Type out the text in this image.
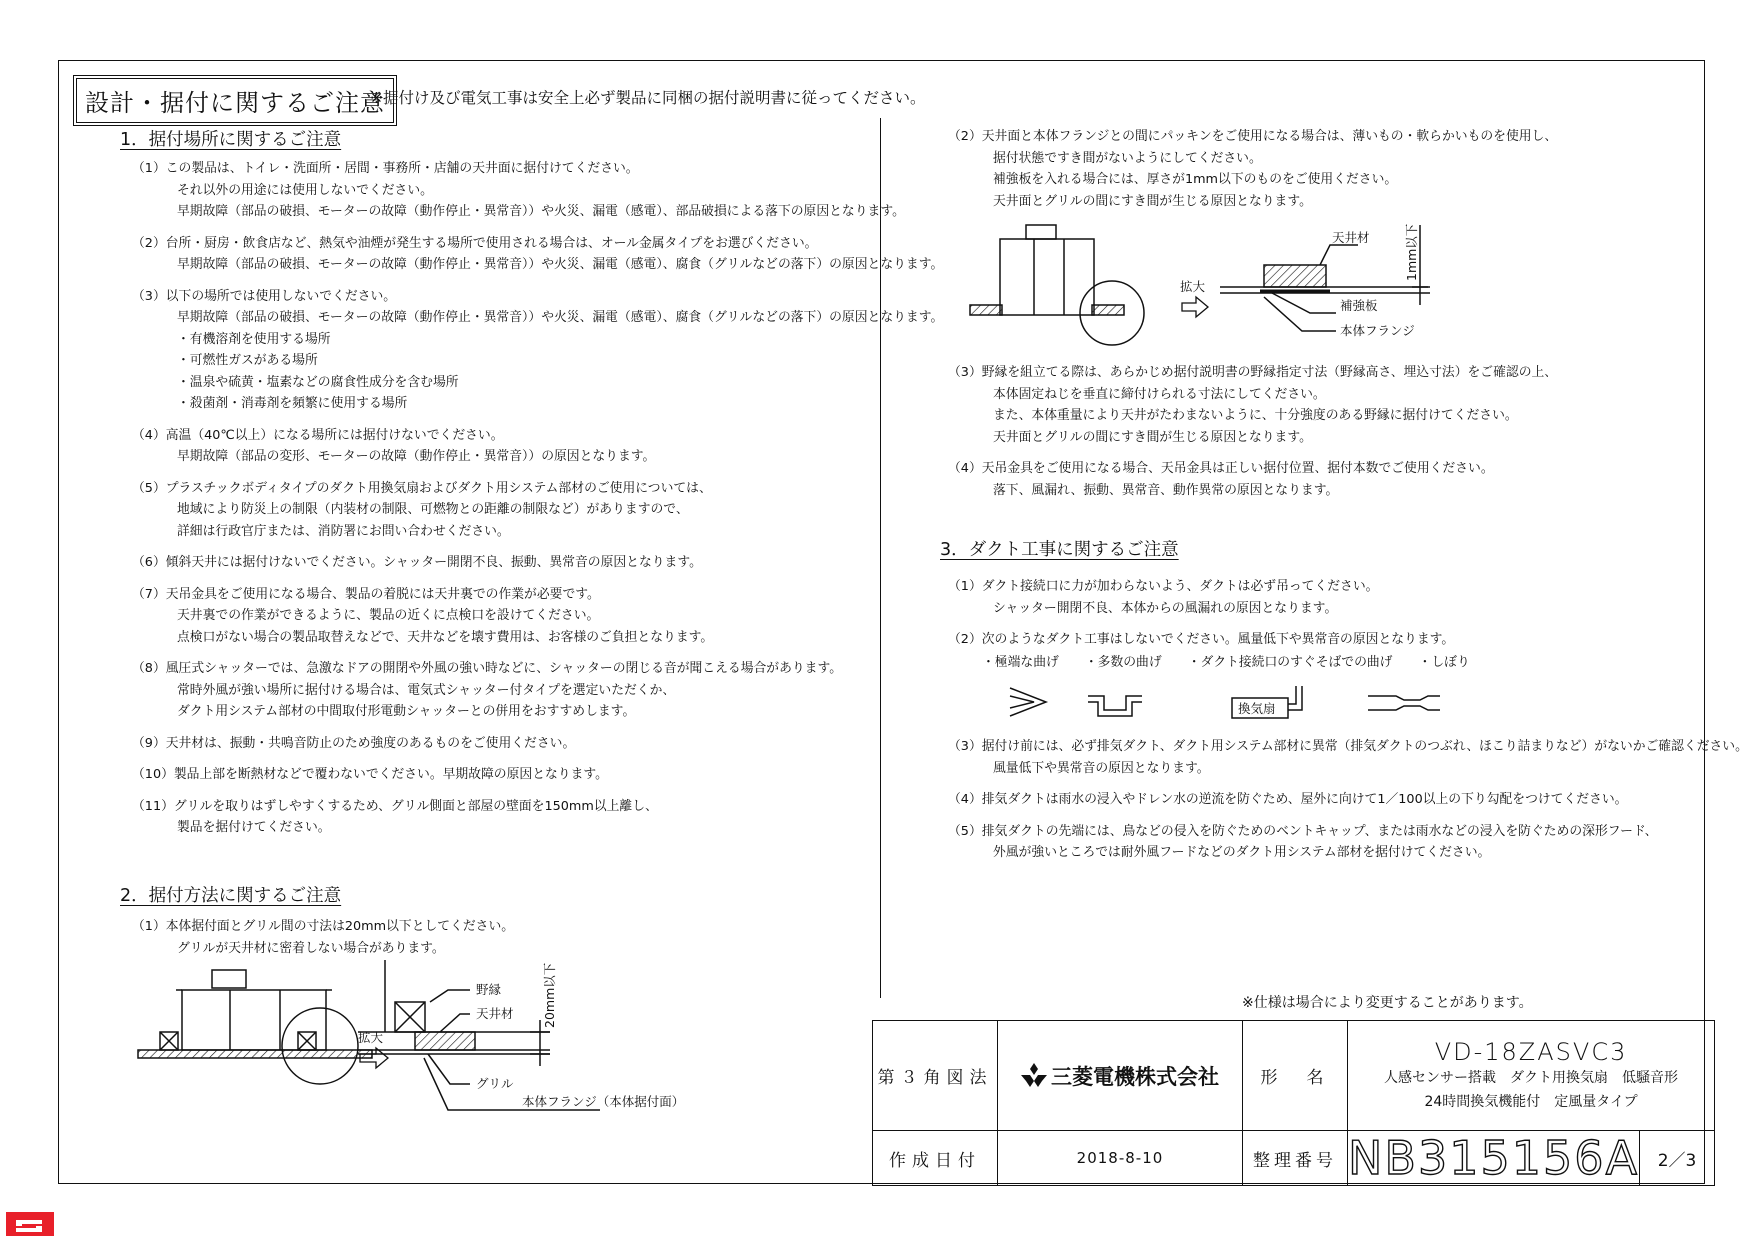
設計・据付に関するご注意
※据付け及び電気工事は安全上必ず製品に同梱の据付説明書に従ってください。
1．据付場所に関するご注意
（1）この製品は、トイレ・洗面所・居間・事務所・店舗の天井面に据付けてください。
それ以外の用途には使用しないでください。
早期故障（部品の破損、モーターの故障（動作停止・異常音））や火災、漏電（感電）、部品破損による落下の原因となります。
（2）台所・厨房・飲食店など、熱気や油煙が発生する場所で使用される場合は、オール金属タイプをお選びください。
早期故障（部品の破損、モーターの故障（動作停止・異常音））や火災、漏電（感電）、腐食（グリルなどの落下）の原因となります。
（3）以下の場所では使用しないでください。
早期故障（部品の破損、モーターの故障（動作停止・異常音））や火災、漏電（感電）、腐食（グリルなどの落下）の原因となります。
・有機溶剤を使用する場所
・可燃性ガスがある場所
・温泉や硫黄・塩素などの腐食性成分を含む場所
・殺菌剤・消毒剤を頻繁に使用する場所
（4）高温（40℃以上）になる場所には据付けないでください。
早期故障（部品の変形、モーターの故障（動作停止・異常音））の原因となります。
（5）プラスチックボディタイプのダクト用換気扇およびダクト用システム部材のご使用については、
地域により防災上の制限（内装材の制限、可燃物との距離の制限など）がありますので、
詳細は行政官庁または、消防署にお問い合わせください。
（6）傾斜天井には据付けないでください。シャッター開閉不良、振動、異常音の原因となります。
（7）天吊金具をご使用になる場合、製品の着脱には天井裏での作業が必要です。
天井裏での作業ができるように、製品の近くに点検口を設けてください。
点検口がない場合の製品取替えなどで、天井などを壊す費用は、お客様のご負担となります。
（8）風圧式シャッターでは、急激なドアの開閉や外風の強い時などに、シャッターの閉じる音が聞こえる場合があります。
常時外風が強い場所に据付ける場合は、電気式シャッター付タイプを選定いただくか、
ダクト用システム部材の中間取付形電動シャッターとの併用をおすすめします。
（9）天井材は、振動・共鳴音防止のため強度のあるものをご使用ください。
（10）製品上部を断熱材などで覆わないでください。早期故障の原因となります。
（11）グリルを取りはずしやすくするため、グリル側面と部屋の壁面を150mm以上離し、
製品を据付けてください。
2．据付方法に関するご注意
（1）本体据付面とグリル間の寸法は20mm以下としてください。
グリルが天井材に密着しない場合があります。
拡大
野縁
天井材
グリル
本体フランジ（本体据付面）
20mm以下
（2）天井面と本体フランジとの間にパッキンをご使用になる場合は、薄いもの・軟らかいものを使用し、
据付状態ですき間がないようにしてください。
補強板を入れる場合には、厚さが1mm以下のものをご使用ください。
天井面とグリルの間にすき間が生じる原因となります。
拡大
天井材
補強板
本体フランジ
1mm以下
（3）野縁を組立てる際は、あらかじめ据付説明書の野縁指定寸法（野縁高さ、埋込寸法）をご確認の上、
本体固定ねじを垂直に締付けられる寸法にしてください。
また、本体重量により天井がたわまないように、十分強度のある野縁に据付けてください。
天井面とグリルの間にすき間が生じる原因となります。
（4）天吊金具をご使用になる場合、天吊金具は正しい据付位置、据付本数でご使用ください。
落下、風漏れ、振動、異常音、動作異常の原因となります。
3．ダクト工事に関するご注意
（1）ダクト接続口に力が加わらないよう、ダクトは必ず吊ってください。
シャッター開閉不良、本体からの風漏れの原因となります。
（2）次のようなダクト工事はしないでください。風量低下や異常音の原因となります。
・極端な曲げ ・多数の曲げ ・ダクト接続口のすぐそばでの曲げ ・しぼり
換気扇
（3）据付け前には、必ず排気ダクト、ダクト用システム部材に異常（排気ダクトのつぶれ、ほこり詰まりなど）がないかご確認ください。
風量低下や異常音の原因となります。
（4）排気ダクトは雨水の浸入やドレン水の逆流を防ぐため、屋外に向けて1／100以上の下り勾配をつけてください。
（5）排気ダクトの先端には、鳥などの侵入を防ぐためのベントキャップ、または雨水などの浸入を防ぐための深形フード、
外風が強いところでは耐外風フードなどのダクト用システム部材を据付けてください。
※仕様は場合により変更することがあります。
第３角図法	三菱電機株式会社	形　名	VD-18ZASVC3
人感センサー搭載　ダクト用換気扇　低騒音形
24時間換気機能付　定風量タイプ	

作成日付	2018-8-10	整理番号	NB315156A	2／3
